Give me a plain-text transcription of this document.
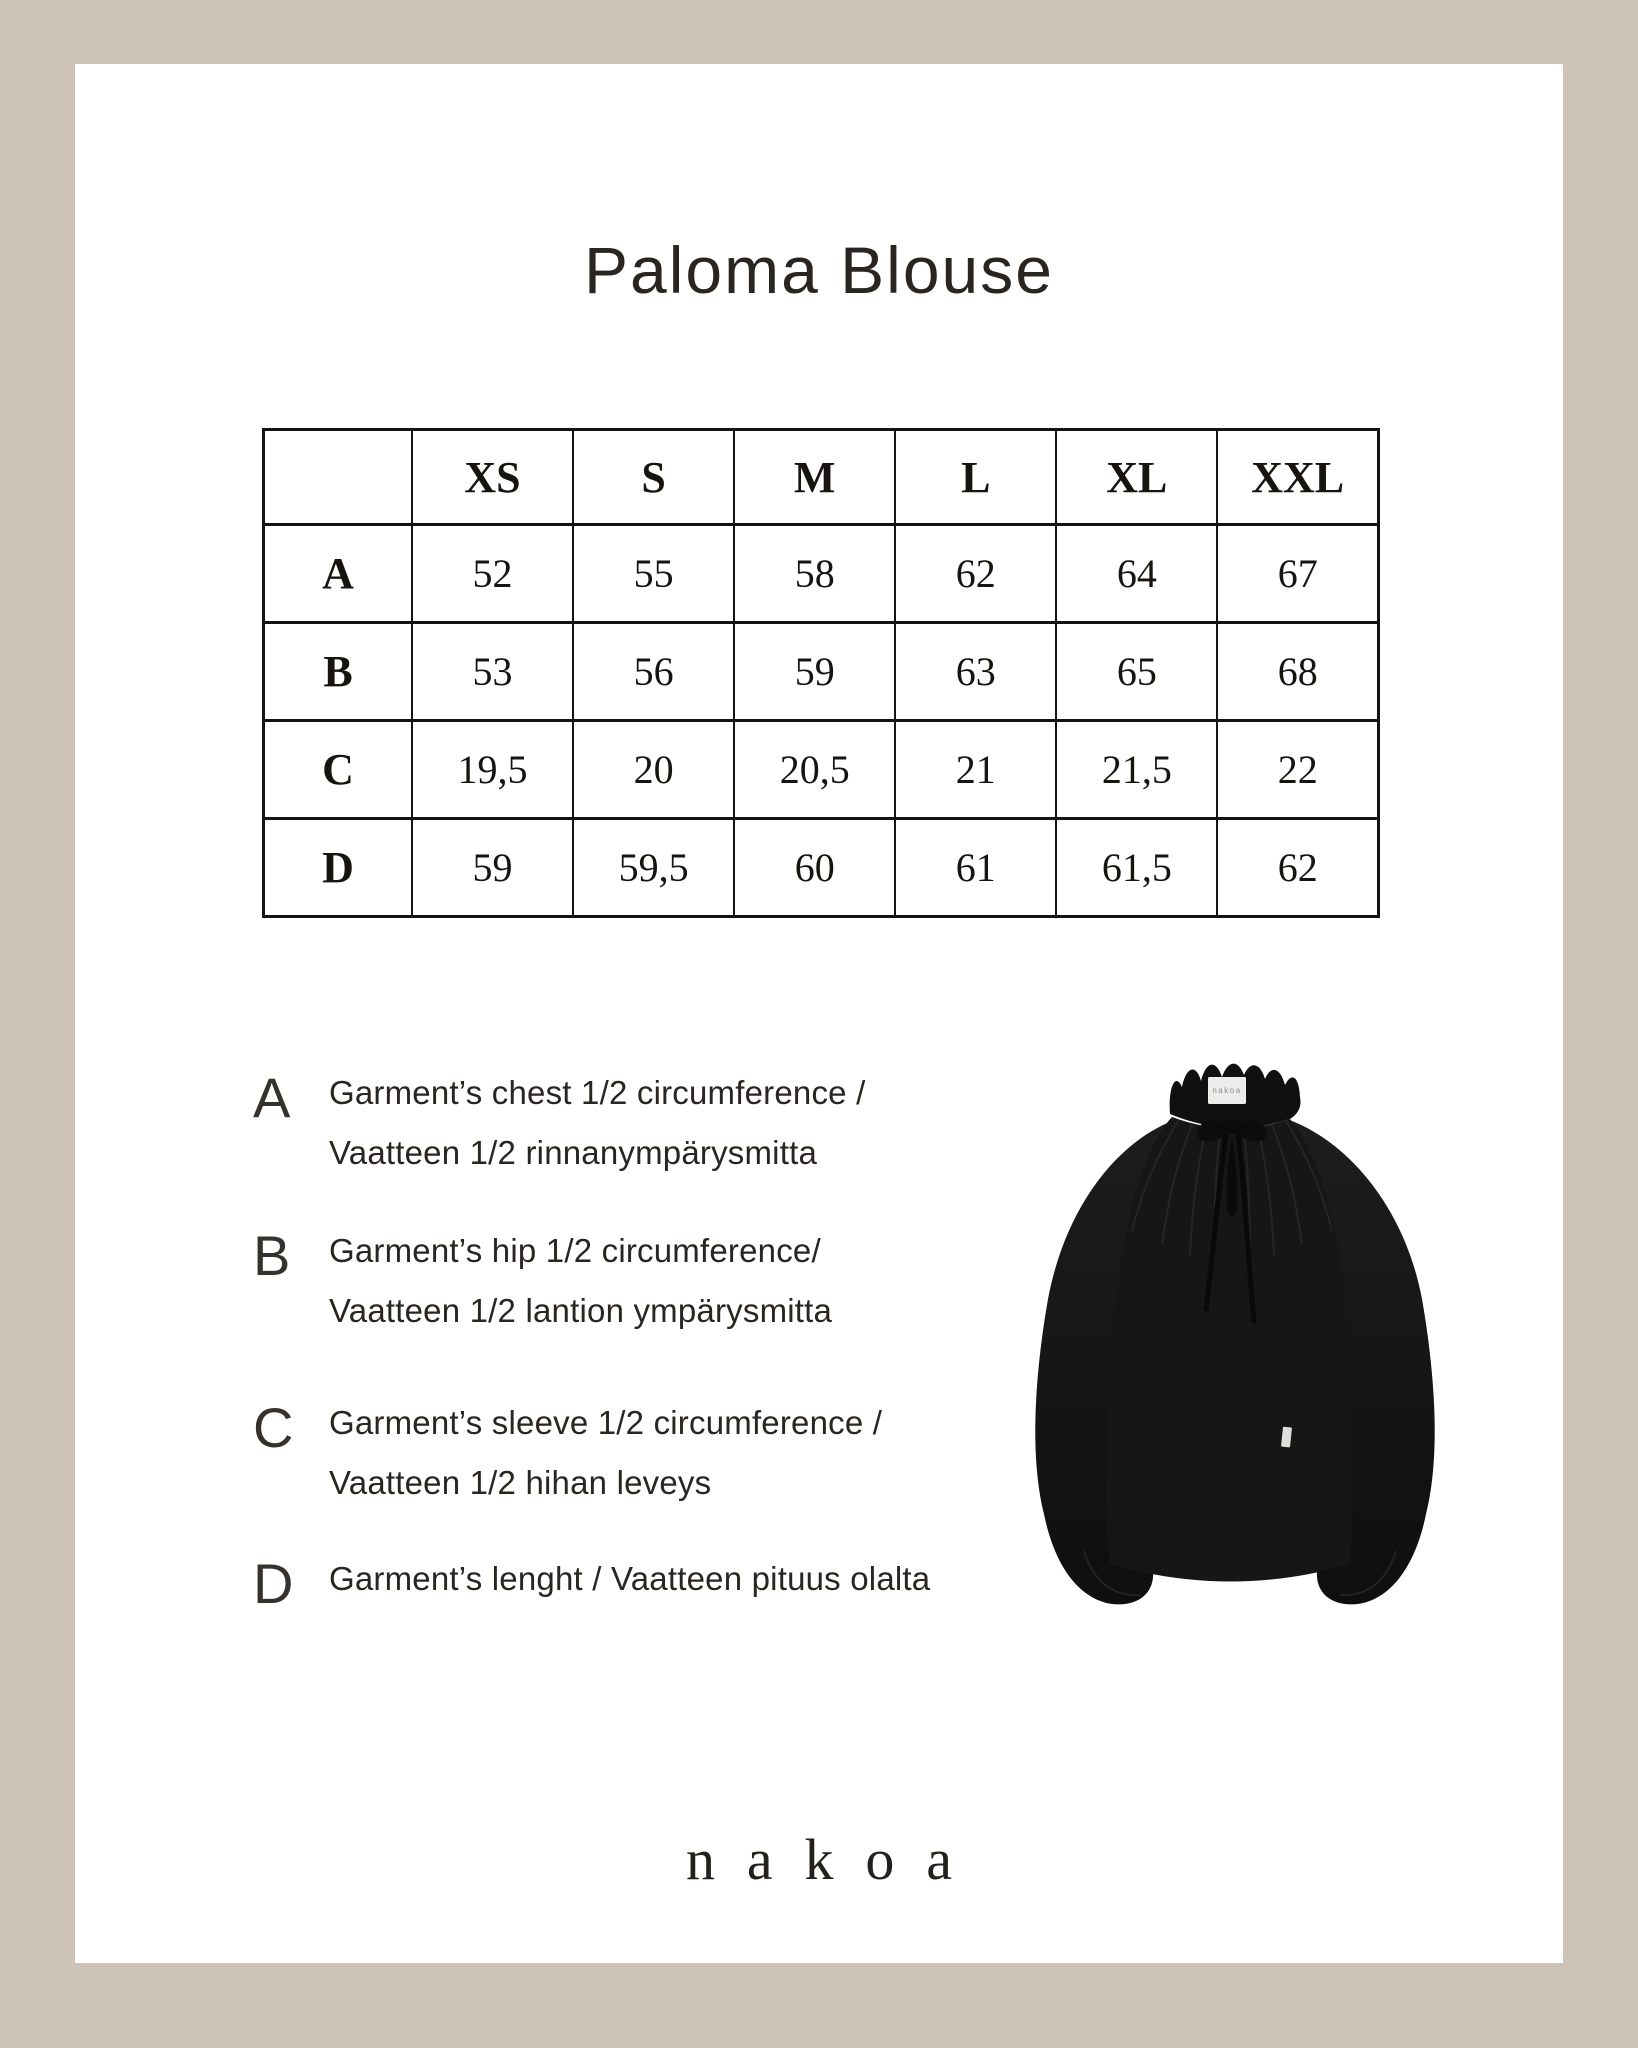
Paloma Blouse
	XS	S	M	L	XL	XXL
A	52	55	58	62	64	67
B	53	56	59	63	65	68
C	19,5	20	20,5	21	21,5	22
D	59	59,5	60	61	61,5	62
A	Garment’s chest 1/2 circumference /
Vaatteen 1/2 rinnanympärysmitta
B	Garment’s hip 1/2 circumference/
Vaatteen 1/2 lantion ympärysmitta
C Garment’s sleeve 1/2 circumference /
Vaatteen 1/2 hihan leveys
D Garment’s lenght / Vaatteen pituus olalta
nakoa
nakoa
